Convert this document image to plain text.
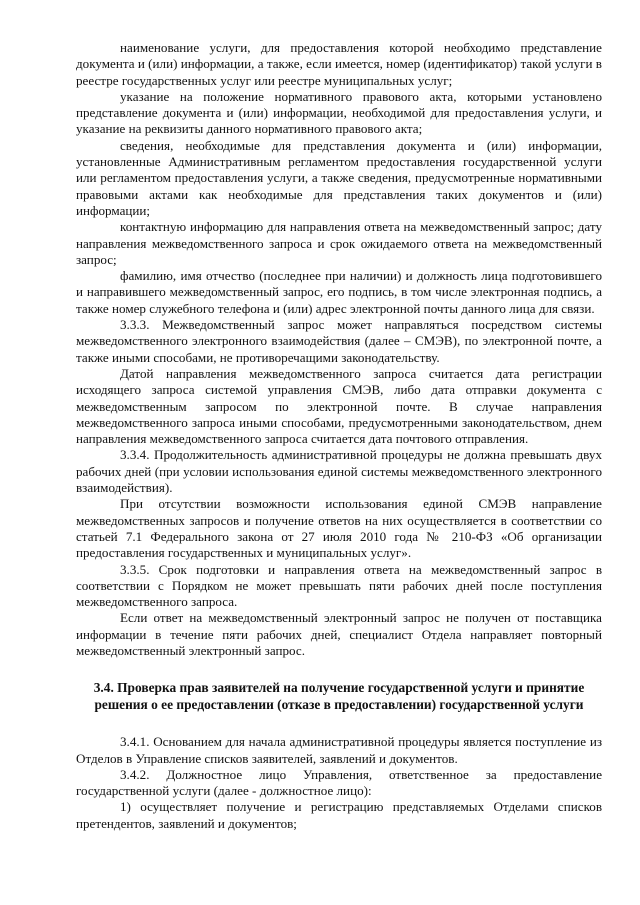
наименование услуги, для предоставления которой необходимо представление документа и (или) информации, а также, если имеется, номер (идентификатор) такой услуги в реестре государственных услуг или реестре муниципальных услуг;

указание на положение нормативного правового акта, которыми установлено представление документа и (или) информации, необходимой для предоставления услуги, и указание на реквизиты данного нормативного правового акта;

сведения, необходимые для представления документа и (или) информации, установленные Административным регламентом предоставления государственной услуги или регламентом предоставления услуги, а также сведения, предусмотренные нормативными правовыми актами как необходимые для представления таких документов и (или) информации;

контактную информацию для направления ответа на межведомственный запрос; дату направления межведомственного запроса и срок ожидаемого ответа на межведомственный запрос;

фамилию, имя отчество (последнее при наличии) и должность лица подготовившего и направившего межведомственный запрос, его подпись, в том числе электронная подпись, а также номер служебного телефона и (или) адрес электронной почты данного лица для связи.

3.3.3. Межведомственный запрос может направляться посредством системы межведомственного электронного взаимодействия (далее – СМЭВ), по электронной почте, а также иными способами, не противоречащими законодательству.

Датой направления межведомственного запроса считается дата регистрации исходящего запроса системой управления СМЭВ, либо дата отправки документа с межведомственным запросом по электронной почте. В случае направления межведомственного запроса иными способами, предусмотренными законодательством, днем направления межведомственного запроса считается дата почтового отправления.

3.3.4. Продолжительность административной процедуры не должна превышать двух рабочих дней (при условии использования единой системы межведомственного электронного взаимодействия).

При отсутствии возможности использования единой СМЭВ направление межведомственных запросов и получение ответов на них осуществляется в соответствии со статьей 7.1 Федерального закона от 27 июля 2010 года № 210-ФЗ «Об организации предоставления государственных и муниципальных услуг».

3.3.5. Срок подготовки и направления ответа на межведомственный запрос в соответствии с Порядком не может превышать пяти рабочих дней после поступления межведомственного запроса.

Если ответ на межведомственный электронный запрос не получен от поставщика информации в течение пяти рабочих дней, специалист Отдела направляет повторный межведомственный электронный запрос.

3.4. Проверка прав заявителей на получение государственной услуги и принятие решения о ее предоставлении (отказе в предоставлении) государственной услуги

3.4.1. Основанием для начала административной процедуры является поступление из Отделов в Управление списков заявителей, заявлений и документов.

3.4.2. Должностное лицо Управления, ответственное за предоставление государственной услуги (далее - должностное лицо):

1) осуществляет получение и регистрацию представляемых Отделами списков претендентов, заявлений и документов;
